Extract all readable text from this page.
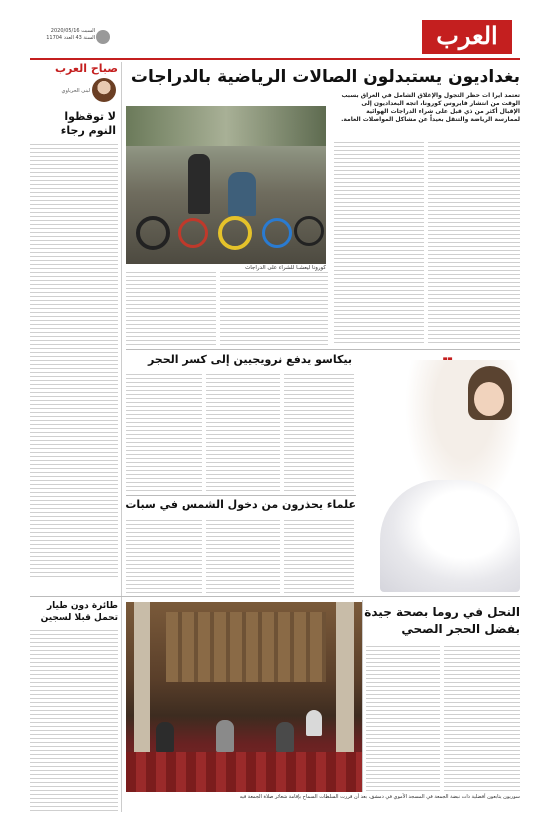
العرب
السبت 2020/05/16
السنة 43 العدد 11704
صباح العرب
لبنى الحرباوي
لا توقظوا
النوم رجاء
بغداديون يستبدلون الصالات الرياضية بالدراجات
تعتمد آيرآ ات حظر التجول والإغلاق الشامل في العراق بسبب الوقت من انتشار فايروس كورونا، اتجه البغداديون إلى الإقبال أكثر من ذي قبل على شراء الدراجات الهوائية لممارسة الرياضة والتنقل بعيداً عن مشاكل المواصلات العامة.
كورونا ليعشـا للشراء على الدراجات
بيكاسو يدفع نرويجيين إلى كسر الحجر
علماء يحذرون من دخول الشمس في سبات
طائرة دون طيار
تحمل قبلا لسجين
سوريون يتابعون أفضلية ذات نبضة الجمعة في المسجد الأموي في دمشق، بعد أن قررت السلطات السماح بإقامة شعائر صلاة الجمعة فيه
النحل في روما بصحة جيدة
بفضل الحجر الصحي
